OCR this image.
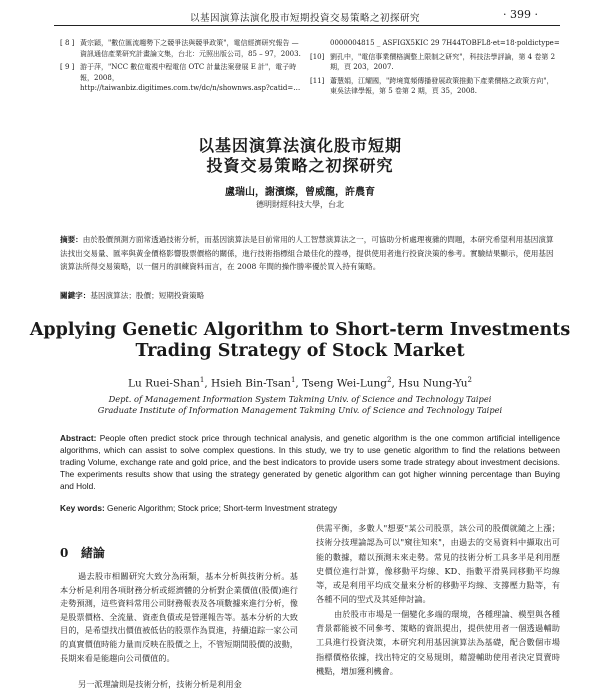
以基因演算法演化股市短期投資交易策略之初探研究	· 399 ·
[ 8 ] 黃宗穎，"數位匯流趨勢下之競爭法與競爭政策"，電信經濟研究報告 — 資訊通信產業研究計畫論文集，台北：元照出版公司，85 – 97，2003.
[ 9 ] 游于萍，"NCC 數位電視中程電信 OTC 計量法案發展 E 計"，電子時報，2008，http://taiwanbiz.digitimes.com.tw/dc/n/shownws.asp?catid=…
0000004815 _ ASFIGX5KIC 29 7H44TOBFL8·et=18·poldictype=
[10] 劉孔中，"電信事業價格調整上限制之研究"，科技法學評論，第 4 卷第 2 期，頁 203，2007.
[11] 蕭慧娟，江耀國，"跨境寬頻傳播發展政策推動下產業價格之政策方向"，東吳法律學報，第 5 卷第 2 期，頁 35，2008.
以基因演算法演化股市短期
投資交易策略之初探研究
盧瑞山，謝濱燦，曾威龍，許農育
德明財經科技大學，台北
摘要：由於股價預測方面常透過技術分析，而基因演算法是目前常用的人工智慧演算法之一，可協助分析處理複雜的問題，本研究希望利用基因演算法找出交易量、匯率與黃金價格影響股票價格的關係，進行技術指標組合最佳化的搜尋，提供使用者進行投資決策的參考。實驗結果顯示，使用基因演算法所得交易策略，以一個月的訓練資料而言，在 2008 年間的操作勝率優於買入持有策略。
關鍵字：基因演算法；股價；短期投資策略
Applying Genetic Algorithm to Short-term Investments
Trading Strategy of Stock Market
Lu Ruei-Shan$^1$, Hsieh Bin-Tsan$^1$, Tseng Wei-Lung$^2$, Hsu Nung-Yu$^2$
Dept. of Management Information System Takming Univ. of Science and Technology Taipei
Graduate Institute of Information Management Takming Univ. of Science and Technology Taipei
Abstract: People often predict stock price through technical analysis, and genetic algorithm is the one common artificial intelligence algorithms, which can assist to solve complex questions. In this study, we try to use genetic algorithm to find the relations between trading Volume, exchange rate and gold price, and the best indicators to provide users some trade strategy about investment decisions. The experiments results show that using the strategy generated by genetic algorithm can got higher winning percentage than Buying and Hold.
Key words: Generic Algorithm; Stock price; Short-term Investment strategy
0 緒論
過去股市相關研究大致分為兩類，基本分析與技術分析。基本分析是利用各項財務分析或經濟體的分析對企業價值(股價)進行走勢預測，這些資料常用公司財務報表及各項數據來進行分析，像是股票價格、全流量、資產負債或是營運報告等。基本分析的大致目的，是希望找出價值被低估的股票作為買進，持續追踪一家公司的真實價值時能力量而反映在股價之上，不管短期間股價的波動，長期來看是能趨向公司價值的。
另一派理論則是技術分析，技術分析是利用金

供需平衡，多數人"想要"某公司股票，該公司的股價就隨之上漲；技術分技理論認為可以"窺往知來"，由過去的交易資料中擷取出可能的數據，藉以預測未來走勢。常見的技術分析工具多半是利用歷史價位進行計算，像移動平均線、KD、指數平滑異同移動平均線等，或是利用平均成交量來分析的移動平均線、支撐壓力點等，有各種不同的型式及其延伸討論。

由於股市市場是一個變化多端的環境，各種理論、模型與各種背景都能被不同參考、策略的資訊提出，提供使用者一個透過輔助工具進行投資決策，本研究利用基因演算法為基礎，配合數個市場指標價格依據，找出特定的交易規則，藉證輔助使用者決定買賣時機點，增加獲利機會。
